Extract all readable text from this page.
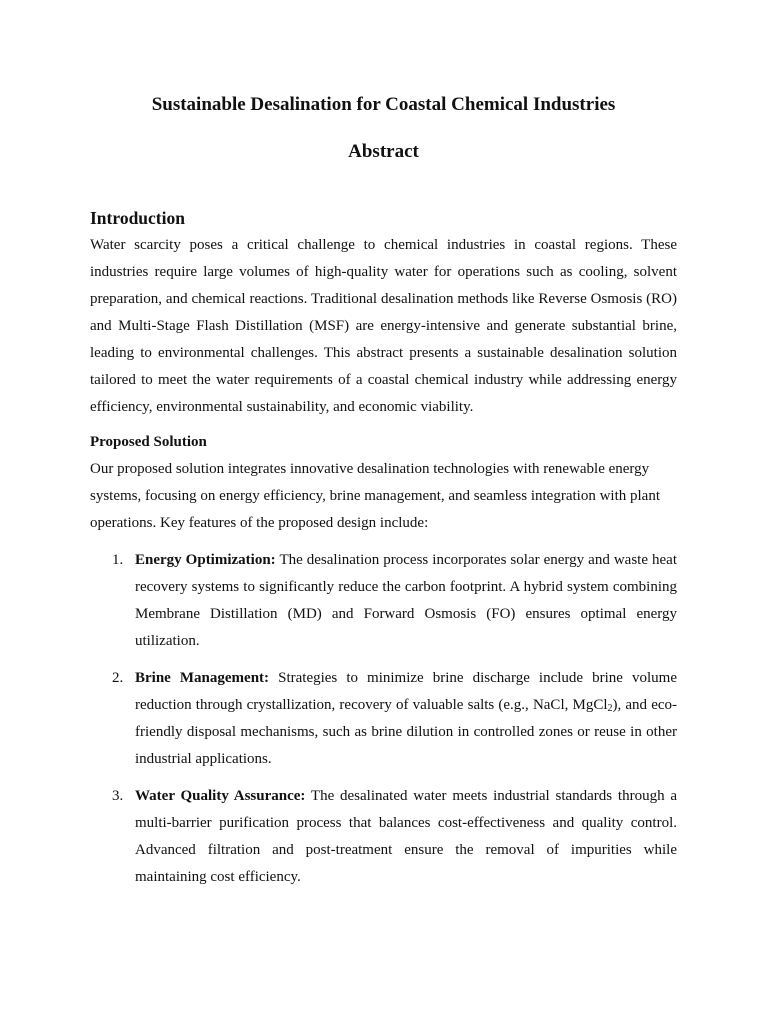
Sustainable Desalination for Coastal Chemical Industries
Abstract
Introduction

Water scarcity poses a critical challenge to chemical industries in coastal regions. These industries require large volumes of high-quality water for operations such as cooling, solvent preparation, and chemical reactions. Traditional desalination methods like Reverse Osmosis (RO) and Multi-Stage Flash Distillation (MSF) are energy-intensive and generate substantial brine, leading to environmental challenges. This abstract presents a sustainable desalination solution tailored to meet the water requirements of a coastal chemical industry while addressing energy efficiency, environmental sustainability, and economic viability.

Proposed Solution

Our proposed solution integrates innovative desalination technologies with renewable energy systems, focusing on energy efficiency, brine management, and seamless integration with plant operations. Key features of the proposed design include:

1. Energy Optimization: The desalination process incorporates solar energy and waste heat recovery systems to significantly reduce the carbon footprint. A hybrid system combining Membrane Distillation (MD) and Forward Osmosis (FO) ensures optimal energy utilization.
2. Brine Management: Strategies to minimize brine discharge include brine volume reduction through crystallization, recovery of valuable salts (e.g., NaCl, MgCl$_2$), and eco-friendly disposal mechanisms, such as brine dilution in controlled zones or reuse in other industrial applications.
3. Water Quality Assurance: The desalinated water meets industrial standards through a multi-barrier purification process that balances cost-effectiveness and quality control. Advanced filtration and post-treatment ensure the removal of impurities while maintaining cost efficiency.
